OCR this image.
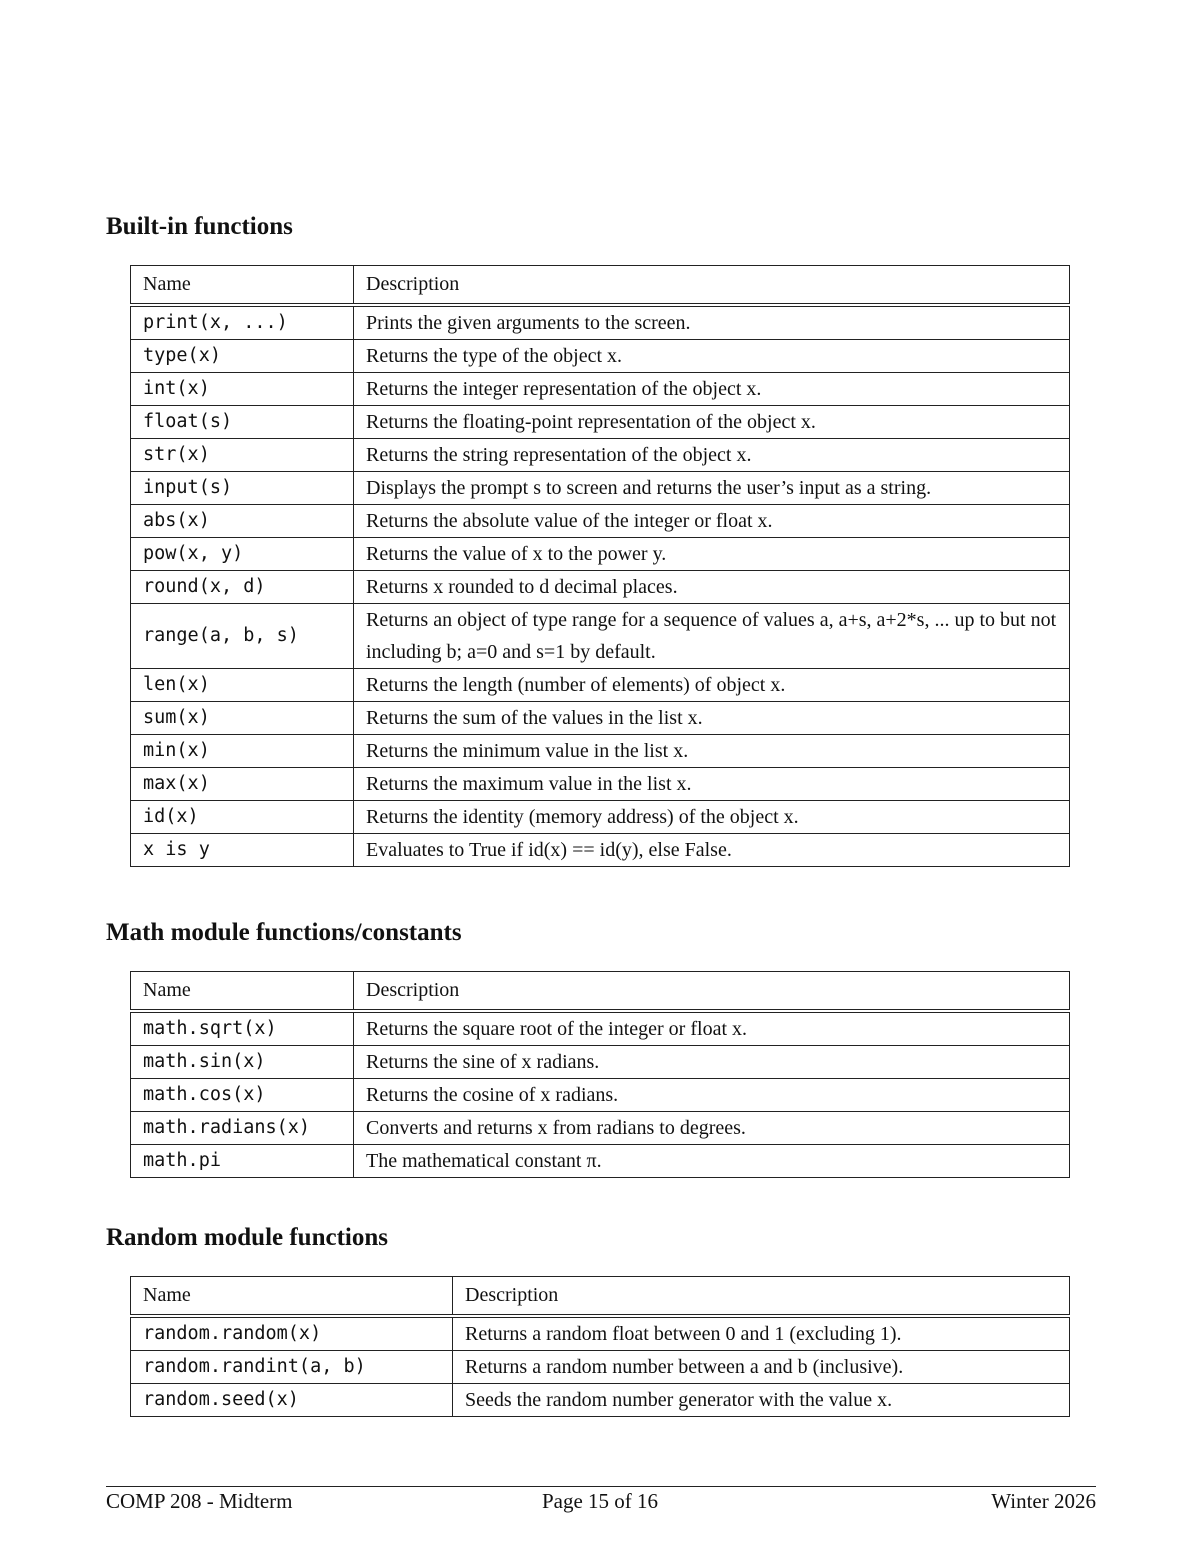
Built-in functions
Name	Description
print(x, ...)	Prints the given arguments to the screen.
type(x)	Returns the type of the object x.
int(x)	Returns the integer representation of the object x.
float(s)	Returns the floating-point representation of the object x.
str(x)	Returns the string representation of the object x.
input(s)	Displays the prompt s to screen and returns the user’s input as a string.
abs(x)	Returns the absolute value of the integer or float x.
pow(x, y)	Returns the value of x to the power y.
round(x, d)	Returns x rounded to d decimal places.
range(a, b, s)	Returns an object of type range for a sequence of values a, a+s, a+2*s, ... up to but not including b; a=0 and s=1 by default.
len(x)	Returns the length (number of elements) of object x.
sum(x)	Returns the sum of the values in the list x.
min(x)	Returns the minimum value in the list x.
max(x)	Returns the maximum value in the list x.
id(x)	Returns the identity (memory address) of the object x.
x is y	Evaluates to True if id(x) == id(y), else False.
Math module functions/constants
Name	Description
math.sqrt(x)	Returns the square root of the integer or float x.
math.sin(x)	Returns the sine of x radians.
math.cos(x)	Returns the cosine of x radians.
math.radians(x)	Converts and returns x from radians to degrees.
math.pi	The mathematical constant π.
Random module functions
Name	Description
random.random(x)	Returns a random float between 0 and 1 (excluding 1).
random.randint(a, b)	Returns a random number between a and b (inclusive).
random.seed(x)	Seeds the random number generator with the value x.
COMP 208 - Midterm	Page 15 of 16	Winter 2026
